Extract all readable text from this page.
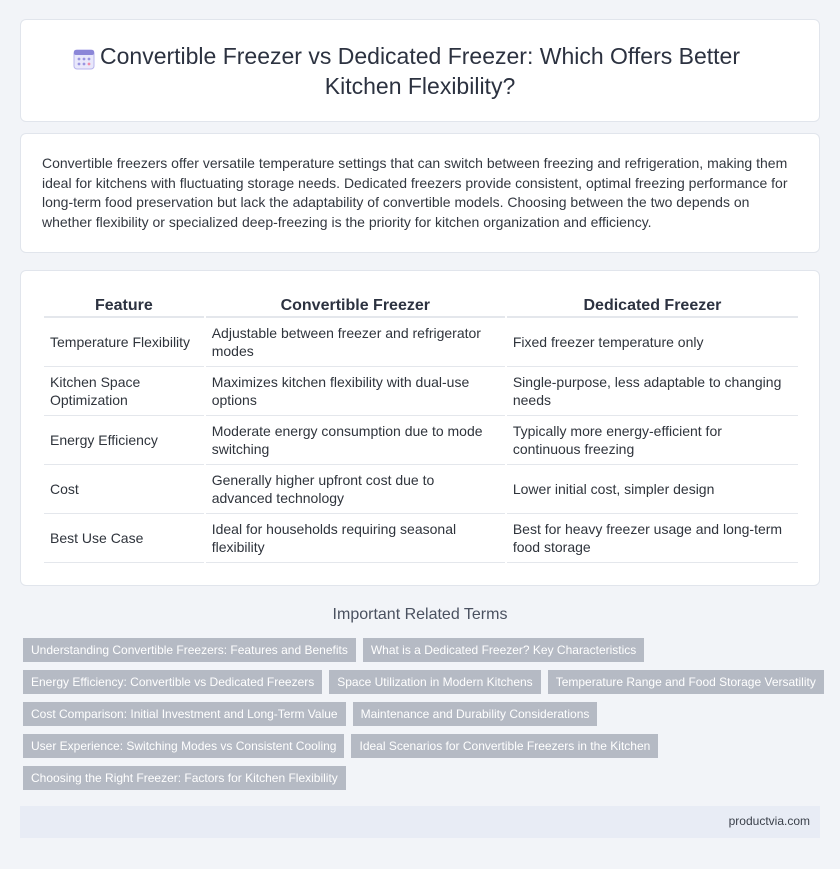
Convertible Freezer vs Dedicated Freezer: Which Offers Better Kitchen Flexibility?

Convertible freezers offer versatile temperature settings that can switch between freezing and refrigeration, making them ideal for kitchens with fluctuating storage needs. Dedicated freezers provide consistent, optimal freezing performance for long-term food preservation but lack the adaptability of convertible models. Choosing between the two depends on whether flexibility or specialized deep-freezing is the priority for kitchen organization and efficiency.

Feature	Convertible Freezer	Dedicated Freezer
Temperature Flexibility	Adjustable between freezer and refrigerator modes	Fixed freezer temperature only
Kitchen Space Optimization	Maximizes kitchen flexibility with dual-use options	Single-purpose, less adaptable to changing needs
Energy Efficiency	Moderate energy consumption due to mode switching	Typically more energy-efficient for continuous freezing
Cost	Generally higher upfront cost due to advanced technology	Lower initial cost, simpler design
Best Use Case	Ideal for households requiring seasonal flexibility	Best for heavy freezer usage and long-term food storage
Important Related Terms
Understanding Convertible Freezers: Features and Benefits	What is a Dedicated Freezer? Key Characteristics
Energy Efficiency: Convertible vs Dedicated Freezers	Space Utilization in Modern Kitchens	Temperature Range and Food Storage Versatility
Cost Comparison: Initial Investment and Long-Term Value	Maintenance and Durability Considerations
User Experience: Switching Modes vs Consistent Cooling	Ideal Scenarios for Convertible Freezers in the Kitchen
Choosing the Right Freezer: Factors for Kitchen Flexibility
productvia.com
